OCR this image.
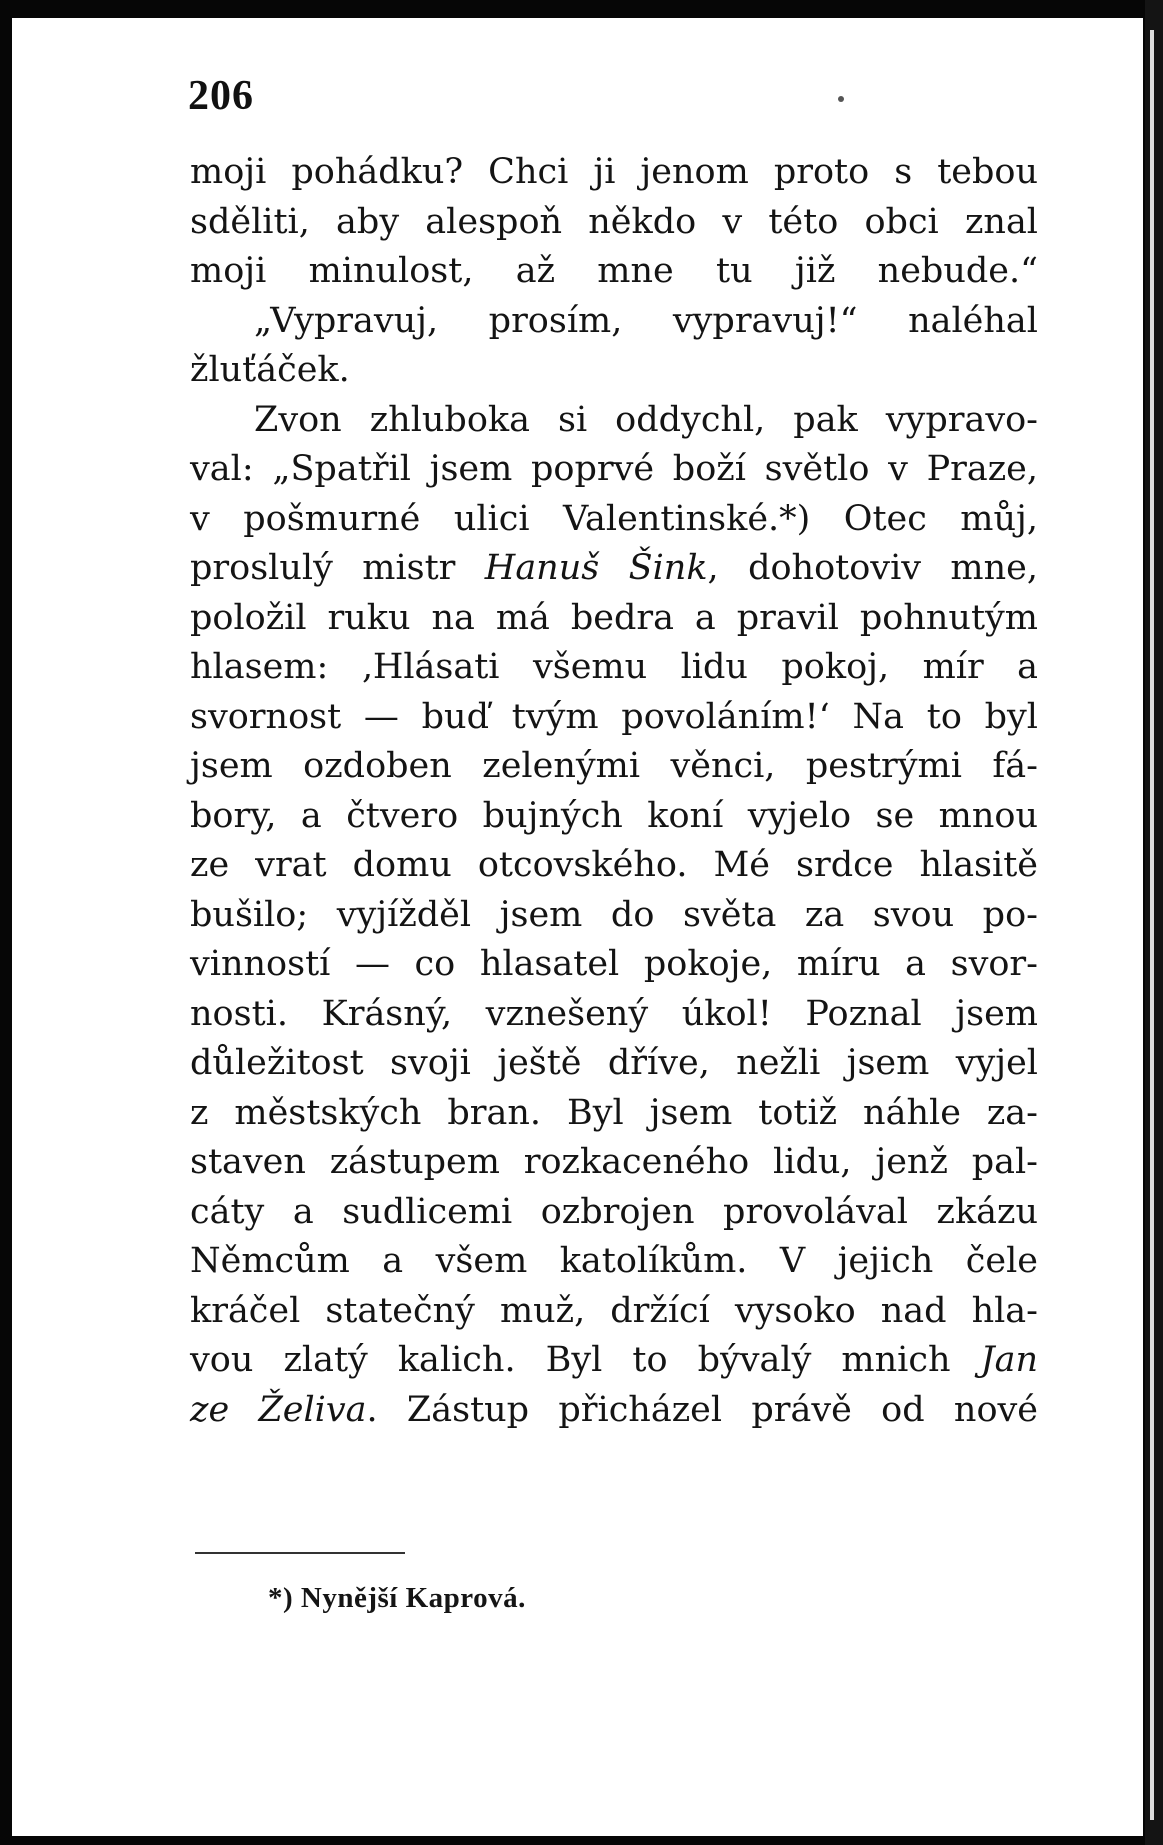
206
moji pohádku? Chci ji jenom proto s tebou
sděliti, aby alespoň někdo v této obci znal
moji minulost, až mne tu již nebude.“
„Vypravuj, prosím, vypravuj!“ naléhal
žluťáček.
Zvon zhluboka si oddychl, pak vypravo-
val: „Spatřil jsem poprvé boží světlo v Praze,
v pošmurné ulici Valentinské.*) Otec můj,
proslulý mistr Hanuš Šink, dohotoviv mne,
položil ruku na má bedra a pravil pohnutým
hlasem: ‚Hlásati všemu lidu pokoj, mír a
svornost — buď tvým povoláním!‘ Na to byl
jsem ozdoben zelenými věnci, pestrými fá-
bory, a čtvero bujných koní vyjelo se mnou
ze vrat domu otcovského. Mé srdce hlasitě
bušilo; vyjížděl jsem do světa za svou po-
vinností — co hlasatel pokoje, míru a svor-
nosti. Krásný, vznešený úkol! Poznal jsem
důležitost svoji ještě dříve, nežli jsem vyjel
z městských bran. Byl jsem totiž náhle za-
staven zástupem rozkaceného lidu, jenž pal-
cáty a sudlicemi ozbrojen provolával zkázu
Němcům a všem katolíkům. V jejich čele
kráčel statečný muž, držící vysoko nad hla-
vou zlatý kalich. Byl to bývalý mnich Jan
ze Želiva. Zástup přicházel právě od nové
*) Nynější Kaprová.
